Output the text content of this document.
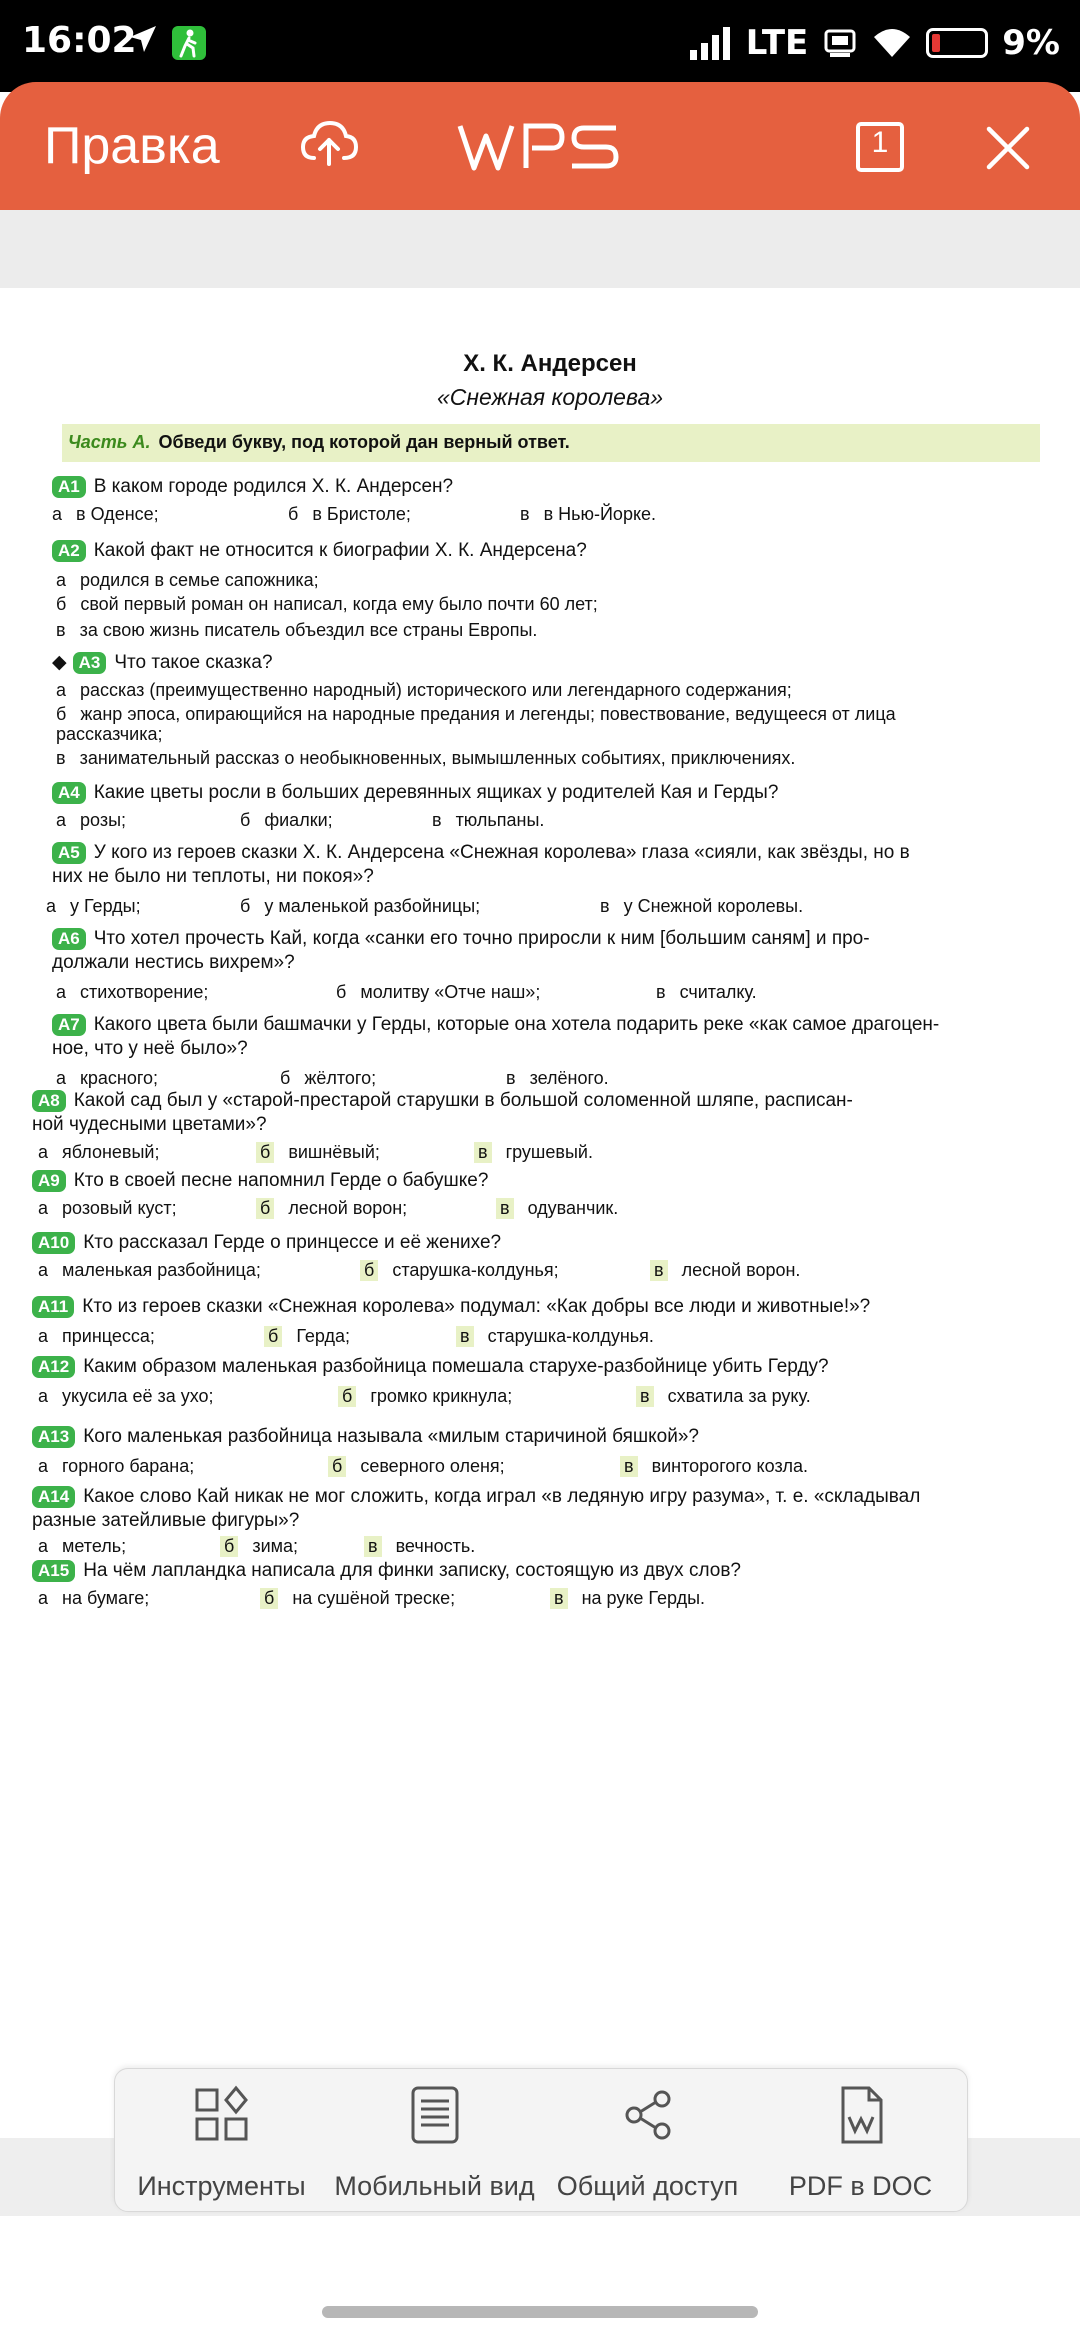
16:02	LTE	9%
Правка	1
Х. К. Андерсен
«Снежная королева»
Часть А. Обведи букву, под которой дан верный ответ.
А1 В каком городе родился Х. К. Андерсен?
а в Оденсе;	б в Бристоле;	в в Нью-Йорке.
А2 Какой факт не относится к биографии Х. К. Андерсена?
а родился в семье сапожника;
б свой первый роман он написал, когда ему было почти 60 лет;
в за свою жизнь писатель объездил все страны Европы.
◆ А3 Что такое сказка?
а рассказ (преимущественно народный) исторического или легендарного содержания;
б жанр эпоса, опирающийся на народные предания и легенды; повествование, ведущееся от лица
рассказчика;
в занимательный рассказ о необыкновенных, вымышленных событиях, приключениях.
А4 Какие цветы росли в больших деревянных ящиках у родителей Кая и Герды?
а розы;	б фиалки;	в тюльпаны.
А5 У кого из героев сказки Х. К. Андерсена «Снежная королева» глаза «сияли, как звёзды, но в
них не было ни теплоты, ни покоя»?
а у Герды;	б у маленькой разбойницы;	в у Снежной королевы.
А6 Что хотел прочесть Кай, когда «санки его точно приросли к ним [большим саням] и про-
должали нестись вихрем»?
а стихотворение;	б молитву «Отче наш»;	в считалку.
А7 Какого цвета были башмачки у Герды, которые она хотела подарить реке «как самое драгоцен-
ное, что у неё было»?
а красного;	б жёлтого;	в зелёного.
А8 Какой сад был у «старой-престарой старушки в большой соломенной шляпе, расписан-
ной чудесными цветами»?
а яблоневый;	б вишнёвый;	в грушевый.
А9 Кто в своей песне напомнил Герде о бабушке?
а розовый куст;	б лесной ворон;	в одуванчик.
А10 Кто рассказал Герде о принцессе и её женихе?
а маленькая разбойница;	б старушка-колдунья;	в лесной ворон.
А11 Кто из героев сказки «Снежная королева» подумал: «Как добры все люди и животные!»?
а принцесса;	б Герда;	в старушка-колдунья.
А12 Каким образом маленькая разбойница помешала старухе-разбойнице убить Герду?
а укусила её за ухо;	б громко крикнула;	в схватила за руку.
А13 Кого маленькая разбойница называла «милым старичиной бяшкой»?
а горного барана;	б северного оленя;	в винторогого козла.
А14 Какое слово Кай никак не мог сложить, когда играл «в ледяную игру разума», т. е. «складывал
разные затейливые фигуры»?
а метель;	б зима;	в вечность.
А15 На чём лапландка написала для финки записку, состоящую из двух слов?
а на бумаге;	б на сушёной треске;	в на руке Герды.
Инструменты	Мобильный вид Общий доступ	PDF в DOC
